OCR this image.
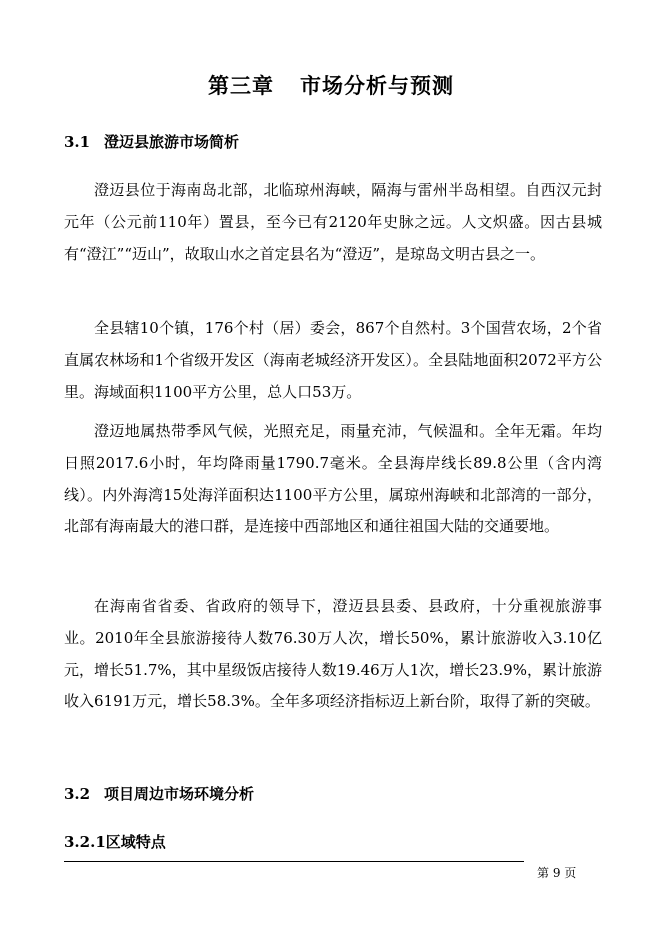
第三章 市场分析与预测
3.1 澄迈县旅游市场简析

澄迈县位于海南岛北部，北临琼州海峡，隔海与雷州半岛相望。自西汉元封元年（公元前110年）置县，至今已有2120年史脉之远。人文炽盛。因古县城有“澄江”“迈山”，故取山水之首定县名为“澄迈”，是琼岛文明古县之一。

全县辖10个镇，176个村（居）委会，867个自然村。3个国营农场，2个省直属农林场和1个省级开发区（海南老城经济开发区）。全县陆地面积2072平方公里。海域面积1100平方公里，总人口53万。

澄迈地属热带季风气候，光照充足，雨量充沛，气候温和。全年无霜。年均日照2017.6小时，年均降雨量1790.7毫米。全县海岸线长89.8公里（含内湾线）。内外海湾15处海洋面积达1100平方公里，属琼州海峡和北部湾的一部分，北部有海南最大的港口群，是连接中西部地区和通往祖国大陆的交通要地。

在海南省省委、省政府的领导下，澄迈县县委、县政府，十分重视旅游事业。2010年全县旅游接待人数76.30万人次，增长50%，累计旅游收入3.10亿元，增长51.7%，其中星级饭店接待人数19.46万人1次，增长23.9%，累计旅游收入6191万元，增长58.3%。全年多项经济指标迈上新台阶，取得了新的突破。

3.2 项目周边市场环境分析
3.2.1区域特点
第 9 页
